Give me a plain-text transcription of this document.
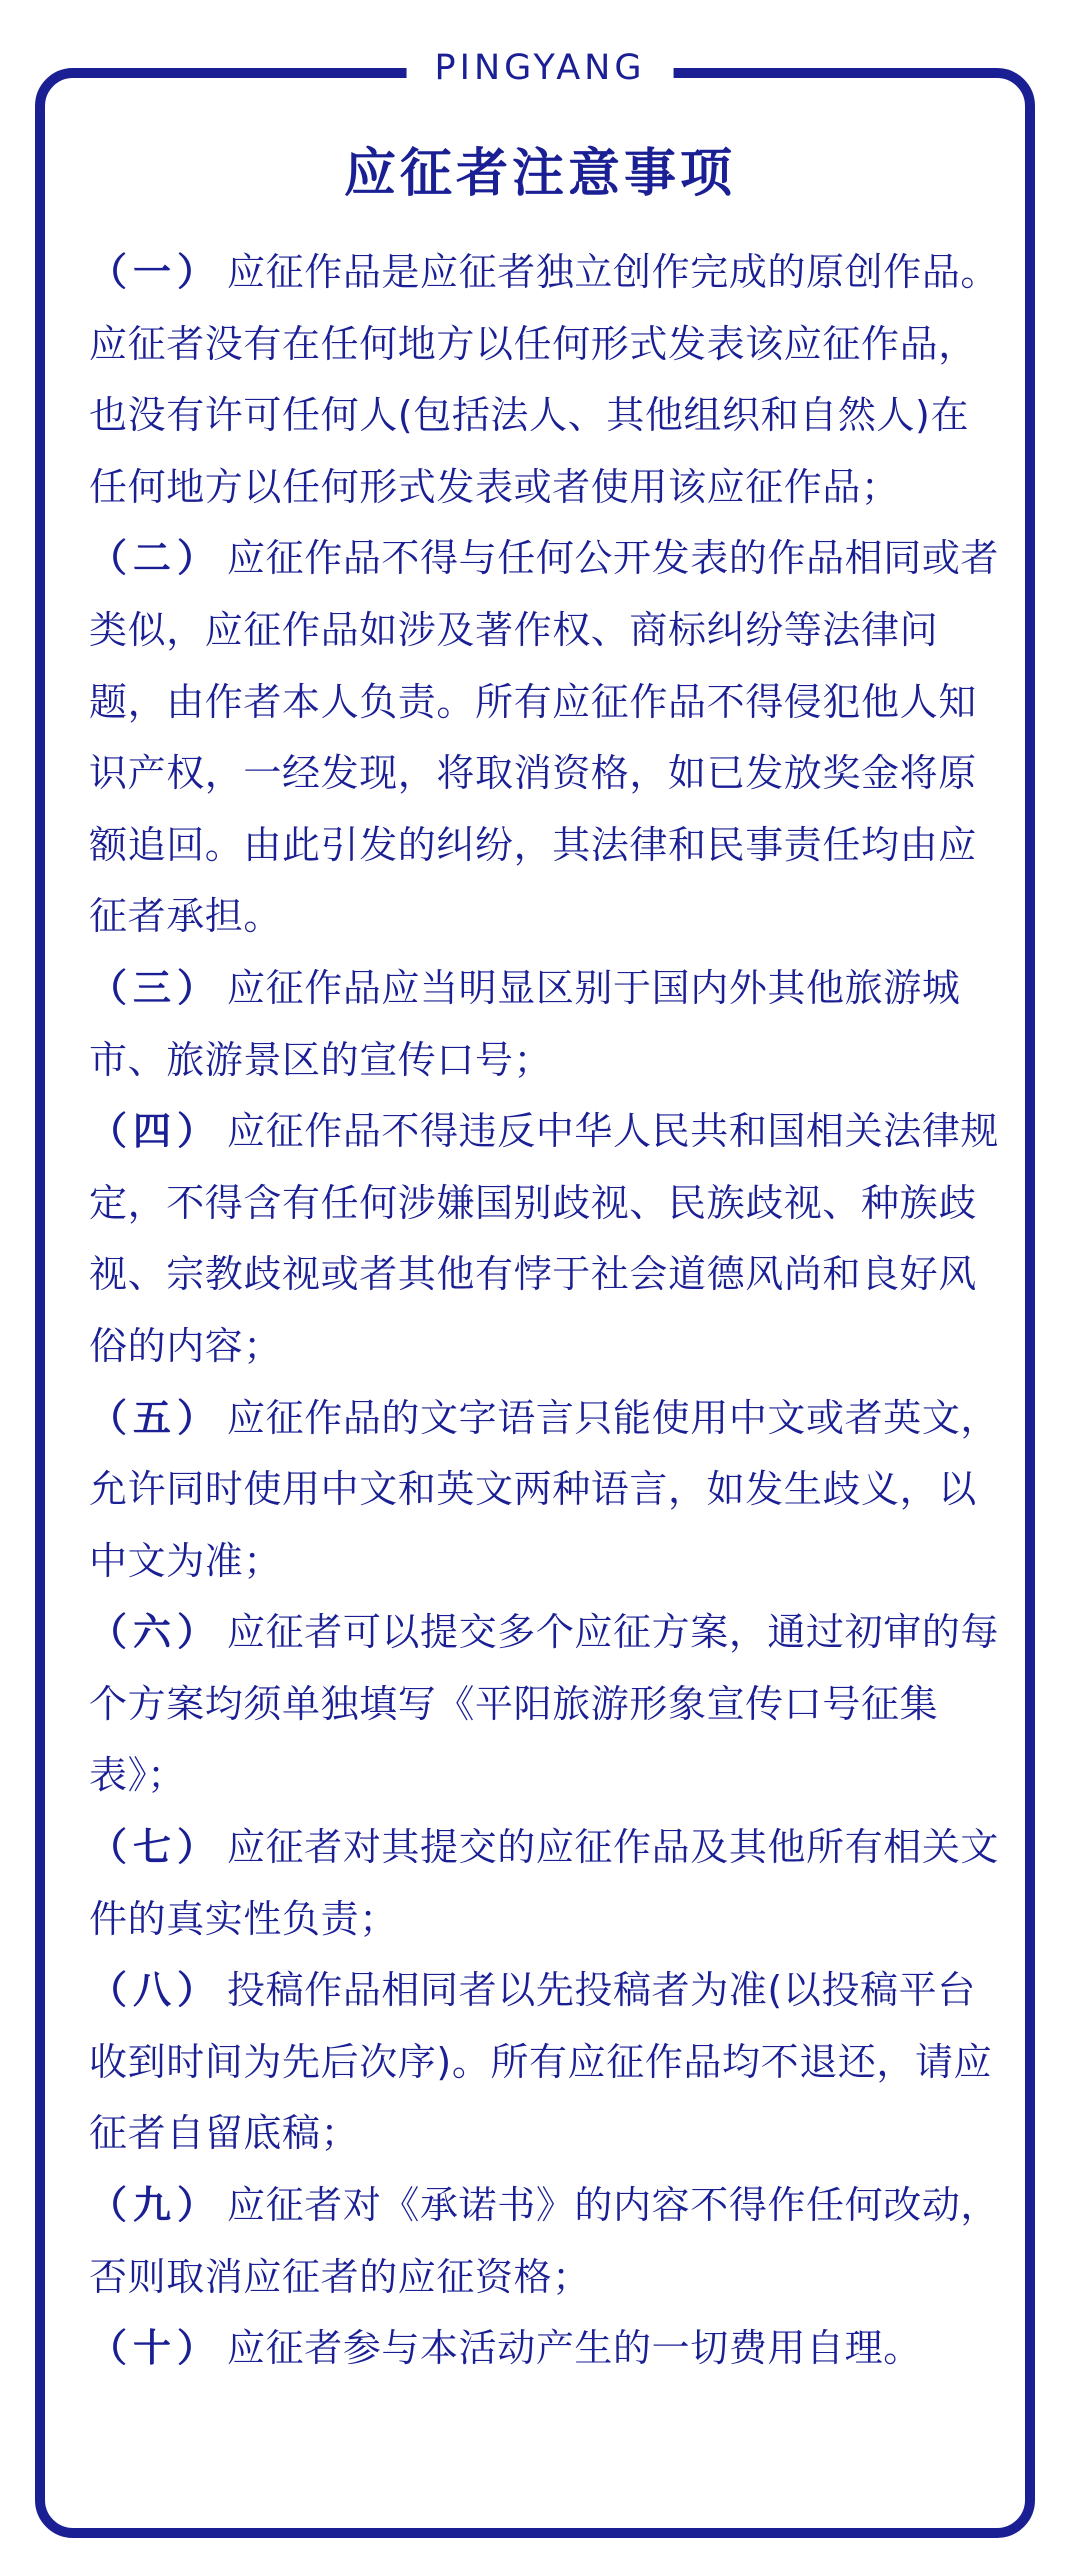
PINGYANG
应征者注意事项

（一） 应征作品是应征者独立创作完成的原创作品。应征者没有在任何地方以任何形式发表该应征作品，也没有许可任何人(包括法人、其他组织和自然人)在任何地方以任何形式发表或者使用该应征作品；

（二） 应征作品不得与任何公开发表的作品相同或者类似，应征作品如涉及著作权、商标纠纷等法律问题，由作者本人负责。所有应征作品不得侵犯他人知识产权，一经发现，将取消资格，如已发放奖金将原额追回。由此引发的纠纷，其法律和民事责任均由应征者承担。

（三） 应征作品应当明显区别于国内外其他旅游城市、旅游景区的宣传口号；

（四） 应征作品不得违反中华人民共和国相关法律规定，不得含有任何涉嫌国别歧视、民族歧视、种族歧视、宗教歧视或者其他有悖于社会道德风尚和良好风俗的内容；

（五） 应征作品的文字语言只能使用中文或者英文，允许同时使用中文和英文两种语言，如发生歧义，以中文为准；

（六） 应征者可以提交多个应征方案，通过初审的每个方案均须单独填写《平阳旅游形象宣传口号征集表》；

（七） 应征者对其提交的应征作品及其他所有相关文件的真实性负责；

（八） 投稿作品相同者以先投稿者为准(以投稿平台收到时间为先后次序)。所有应征作品均不退还，请应征者自留底稿；

（九） 应征者对《承诺书》的内容不得作任何改动，否则取消应征者的应征资格；

（十） 应征者参与本活动产生的一切费用自理。
